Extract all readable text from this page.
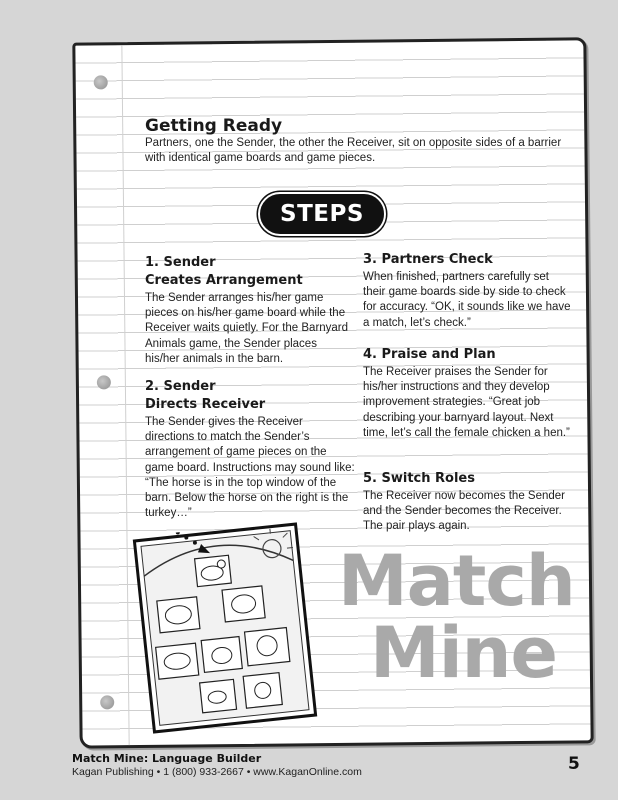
Getting Ready
Partners, one the Sender, the other the Receiver, sit on opposite sides of a barrier with identical game boards and game pieces.
STEPS
1. Sender
Creates Arrangement
The Sender arranges his/her game pieces on his/her game board while the Receiver waits quietly. For the Barnyard Animals game, the Sender places his/her animals in the barn.
2. Sender
Directs Receiver
The Sender gives the Receiver directions to match the Sender’s arrangement of game pieces on the game board. Instructions may sound like: “The horse is in the top window of the barn. Below the horse on the right is the turkey…”
3. Partners Check
When finished, partners carefully set their game boards side by side to check for accuracy. “OK, it sounds like we have a match, let’s check.”
4. Praise and Plan
The Receiver praises the Sender for his/her instructions and they develop improvement strategies. “Great job describing your barnyard layout. Next time, let’s call the female chicken a hen.”
5. Switch Roles
The Receiver now becomes the Sender and the Sender becomes the Receiver. The pair plays again.
Match
Mine
Match Mine: Language Builder
Kagan Publishing • 1 (800) 933-2667 • www.KaganOnline.com	5
